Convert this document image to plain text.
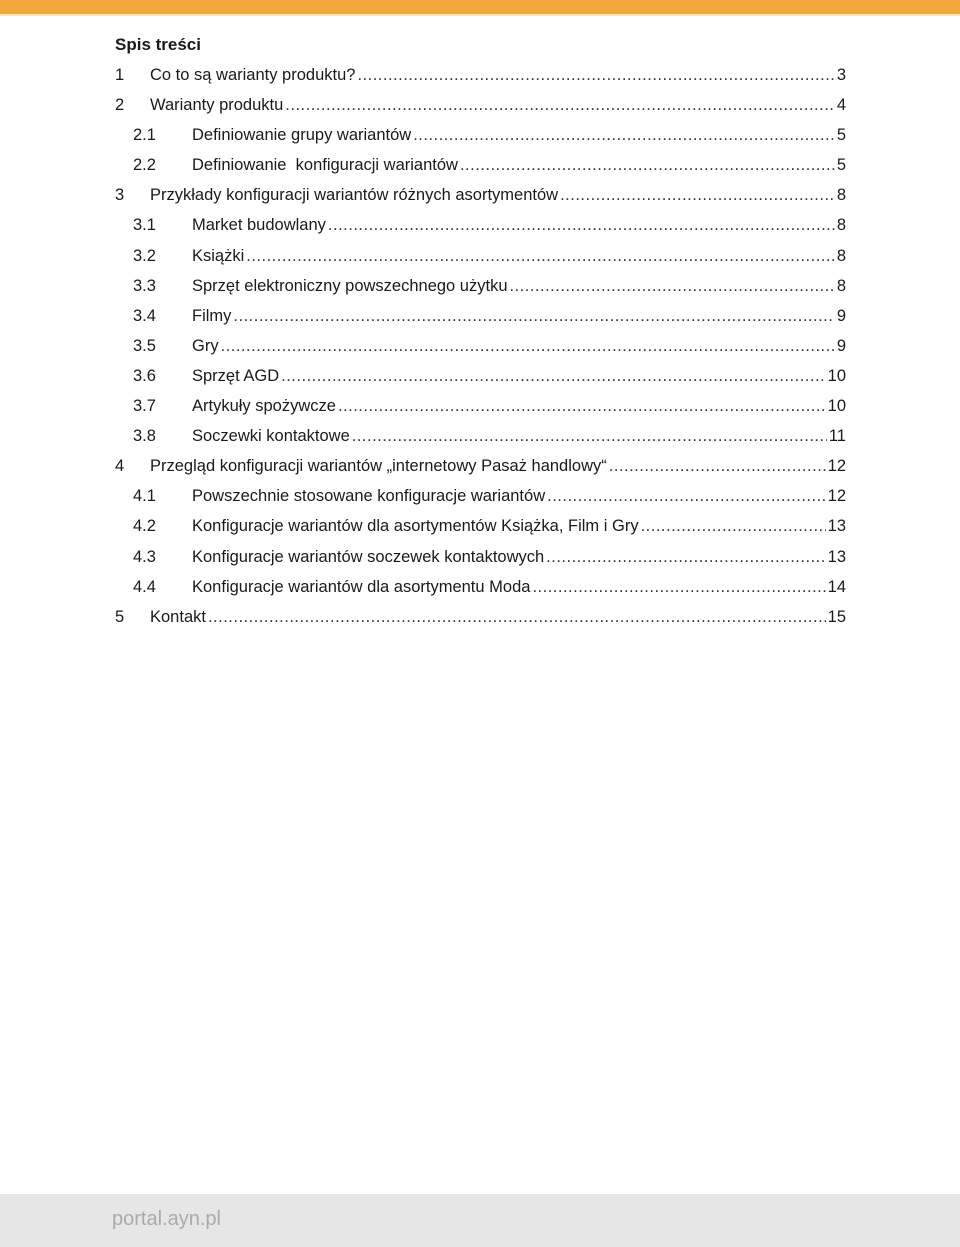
Spis treści
1	Co to są warianty produktu? .....	3
2	Warianty produktu .....	4
2.1	Definiowanie grupy wariantów .....	5
2.2	Definiowanie  konfiguracji wariantów .....	5
3	Przykłady konfiguracji wariantów różnych asortymentów .....	8
3.1	Market budowlany .....	8
3.2	Książki .....	8
3.3	Sprzęt elektroniczny powszechnego użytku .....	8
3.4	Filmy .....	9
3.5	Gry .....	9
3.6	Sprzęt AGD .....	10
3.7	Artykuły spożywcze .....	10
3.8	Soczewki kontaktowe .....	11
4	Przegląd konfiguracji wariantów „internetowy Pasaż handlowy“ .....	12
4.1	Powszechnie stosowane konfiguracje wariantów .....	12
4.2	Konfiguracje wariantów dla asortymentów Książka, Film i Gry .....	13
4.3	Konfiguracje wariantów soczewek kontaktowych .....	13
4.4	Konfiguracje wariantów dla asortymentu Moda .....	14
5	Kontakt .....	15
portal.ayn.pl
